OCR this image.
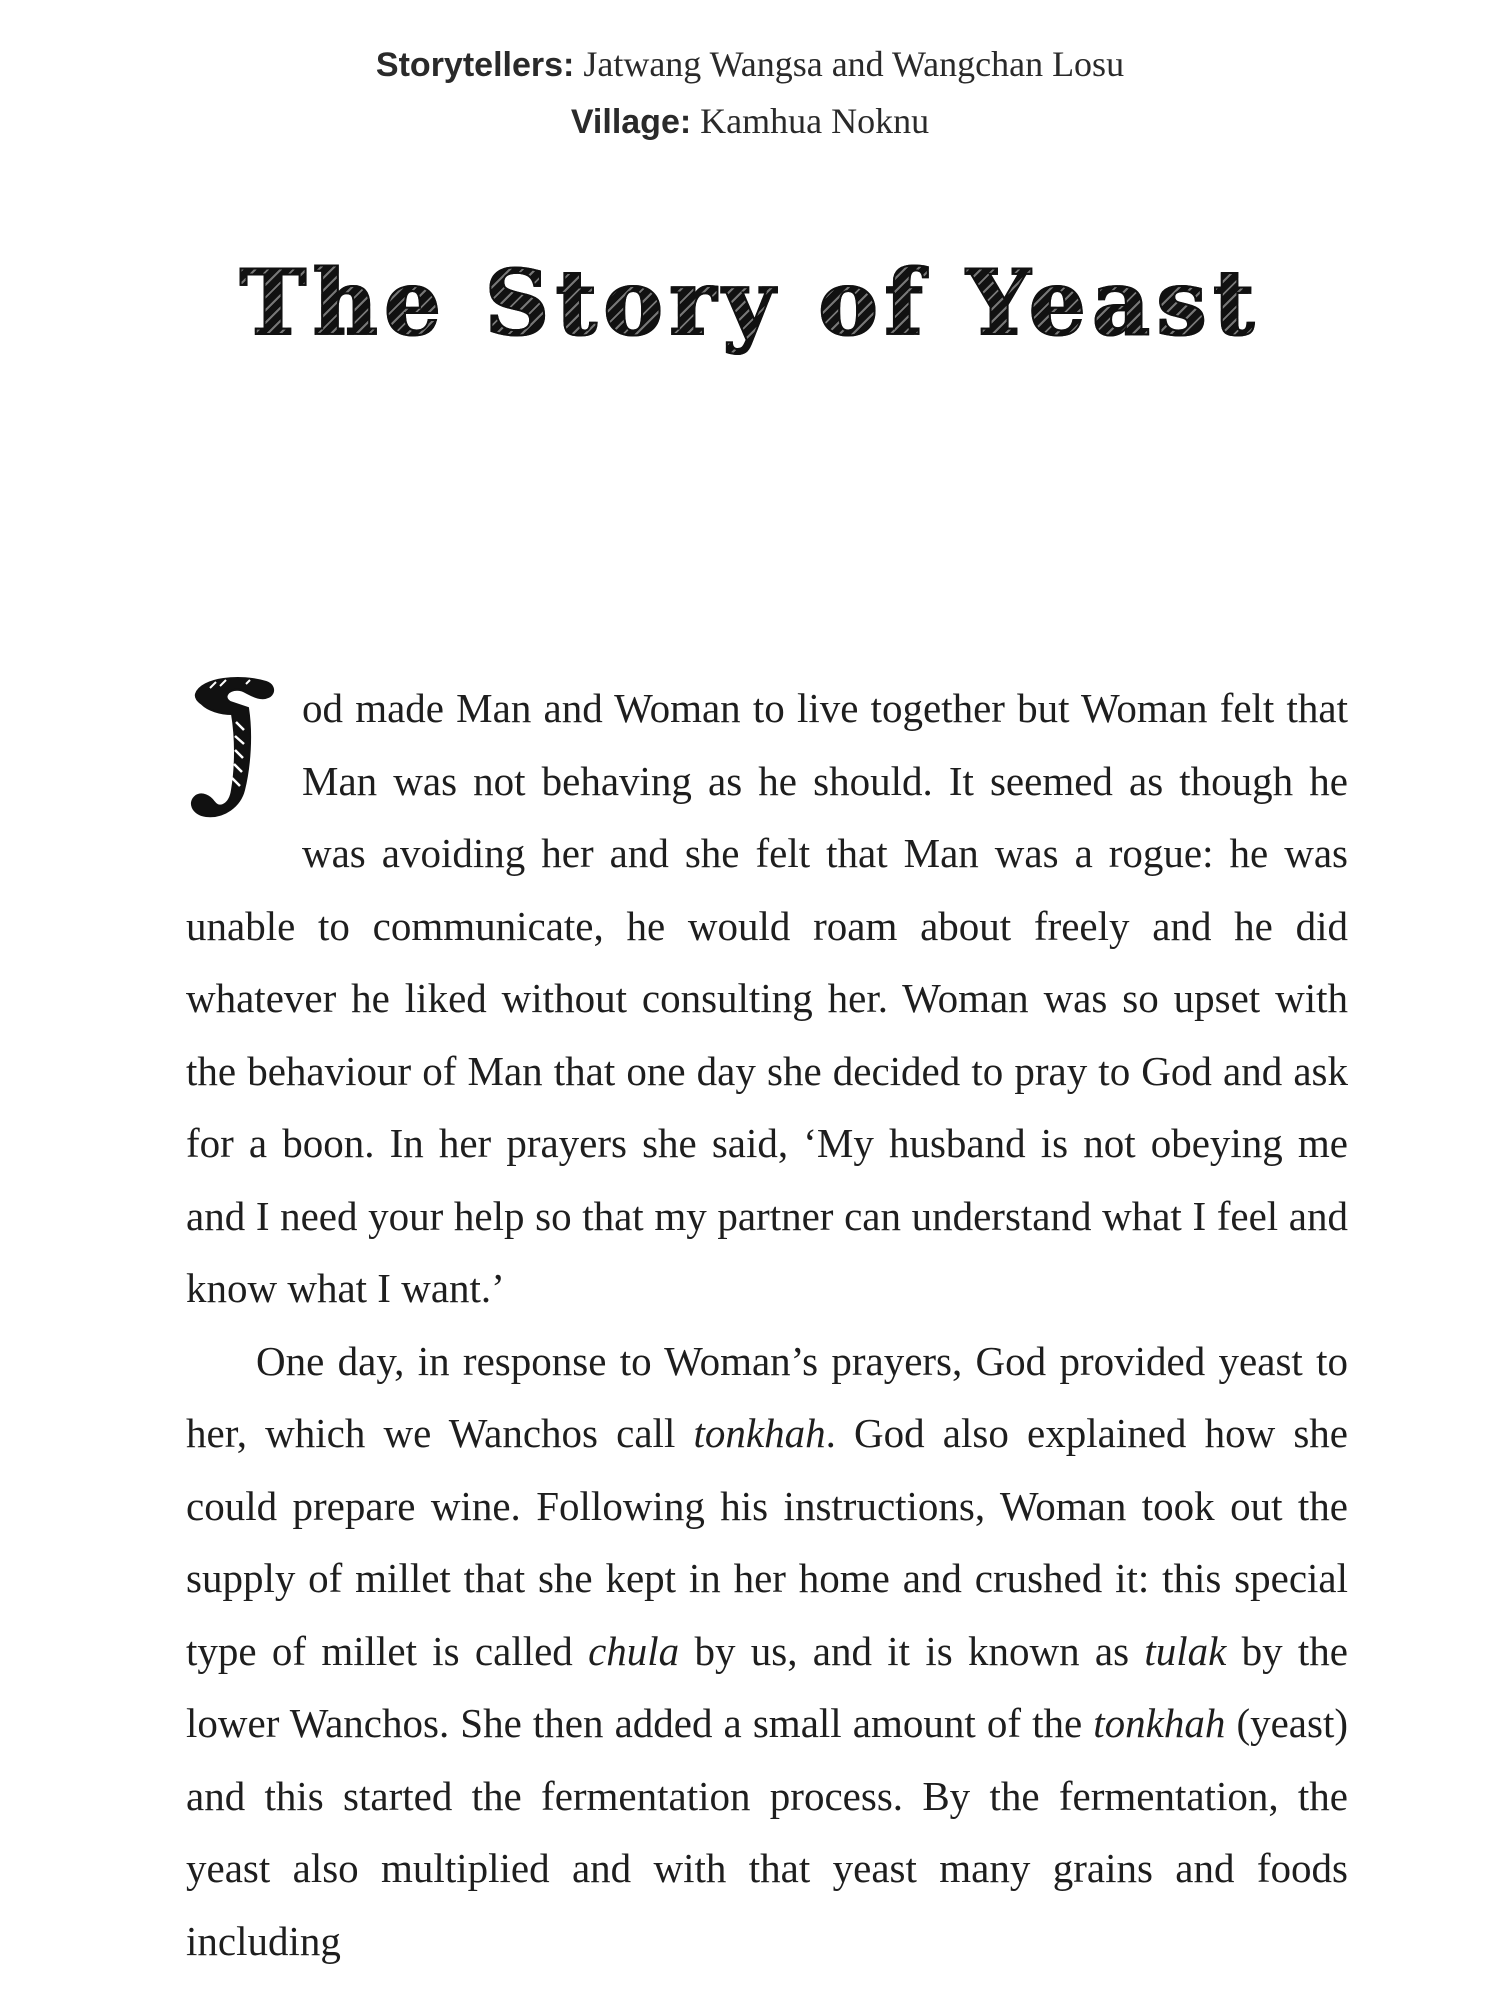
Storytellers: Jatwang Wangsa and Wangchan Losu
Village: Kamhua Noknu
The Story of Yeast

od made Man and Woman to live together but Woman felt that Man was not behaving as he should. It seemed as though he was avoiding her and she felt that Man was a rogue: he was unable to communicate, he would roam about freely and he did whatever he liked without consulting her. Woman was so upset with the behaviour of Man that one day she decided to pray to God and ask for a boon. In her prayers she said, ‘My husband is not obeying me and I need your help so that my partner can understand what I feel and know what I want.’

One day, in response to Woman’s prayers, God provided yeast to her, which we Wanchos call tonkhah. God also explained how she could prepare wine. Following his instructions, Woman took out the supply of millet that she kept in her home and crushed it: this special type of millet is called chula by us, and it is known as tulak by the lower Wanchos. She then added a small amount of the tonkhah (yeast) and this started the fermentation process. By the fermentation, the yeast also multiplied and with that yeast many grains and foods including
